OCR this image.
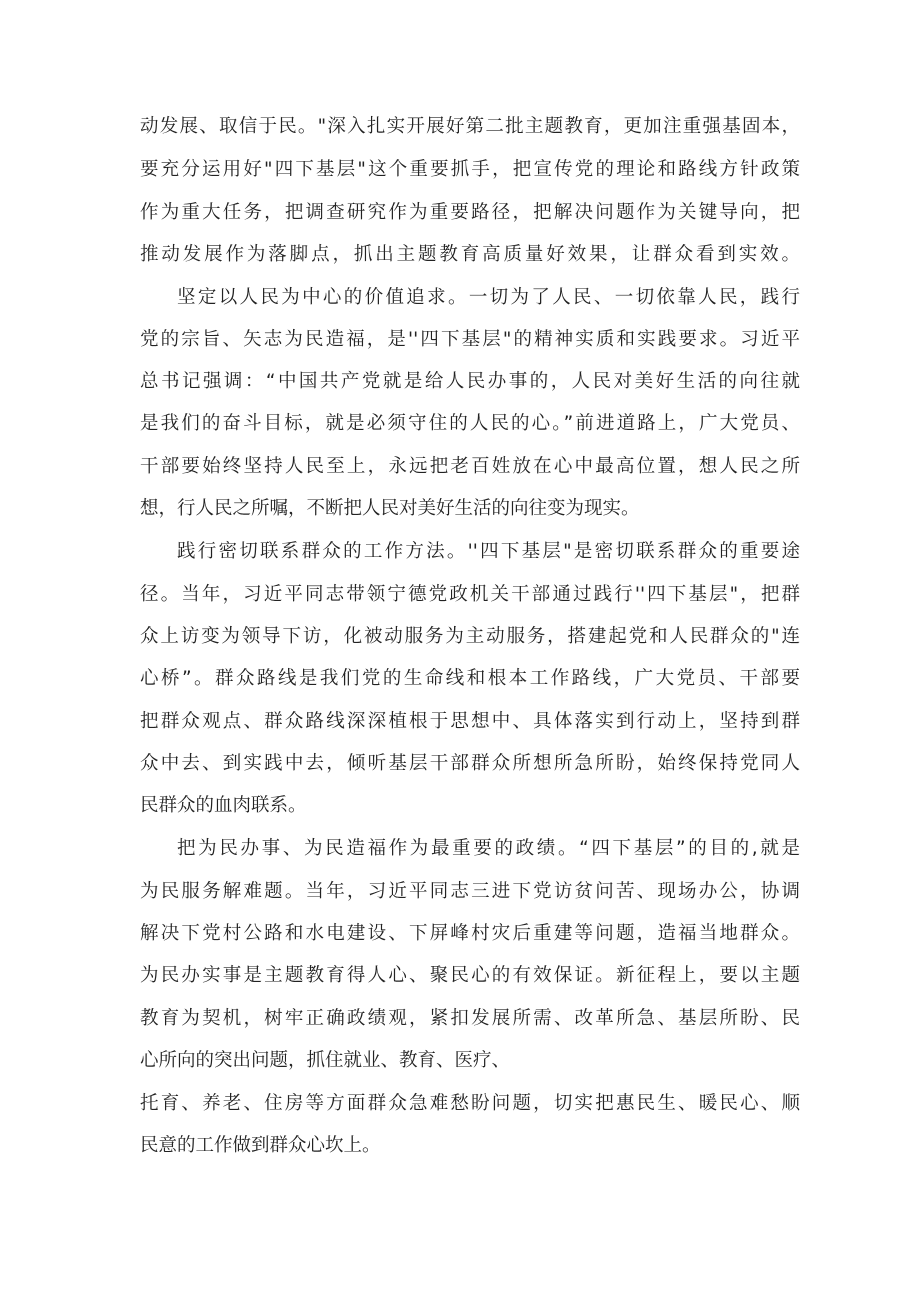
动发展、取信于民。"深入扎实开展好第二批主题教育，更加注重强基固本，
要充分运用好"四下基层"这个重要抓手，把宣传党的理论和路线方针政策
作为重大任务，把调查研究作为重要路径，把解决问题作为关键导向，把
推动发展作为落脚点，抓出主题教育高质量好效果，让群众看到实效。
坚定以人民为中心的价值追求。一切为了人民、一切依靠人民，践行
党的宗旨、矢志为民造福，是''四下基层"的精神实质和实践要求。习近平
总书记强调：“中国共产党就是给人民办事的，人民对美好生活的向往就
是我们的奋斗目标，就是必须守住的人民的心。”前进道路上，广大党员、
干部要始终坚持人民至上，永远把老百姓放在心中最高位置，想人民之所
想，行人民之所嘱，不断把人民对美好生活的向往变为现实。
践行密切联系群众的工作方法。''四下基层"是密切联系群众的重要途
径。当年，习近平同志带领宁德党政机关干部通过践行''四下基层"，把群
众上访变为领导下访，化被动服务为主动服务，搭建起党和人民群众的"连
心桥”。群众路线是我们党的生命线和根本工作路线，广大党员、干部要
把群众观点、群众路线深深植根于思想中、具体落实到行动上，坚持到群
众中去、到实践中去，倾听基层干部群众所想所急所盼，始终保持党同人
民群众的血肉联系。
把为民办事、为民造福作为最重要的政绩。“四下基层”的目的,就是
为民服务解难题。当年，习近平同志三进下党访贫问苦、现场办公，协调
解决下党村公路和水电建设、下屏峰村灾后重建等问题，造福当地群众。
为民办实事是主题教育得人心、聚民心的有效保证。新征程上，要以主题
教育为契机，树牢正确政绩观，紧扣发展所需、改革所急、基层所盼、民
心所向的突出问题，抓住就业、教育、医疗、
托育、养老、住房等方面群众急难愁盼问题，切实把惠民生、暖民心、顺
民意的工作做到群众心坎上。
